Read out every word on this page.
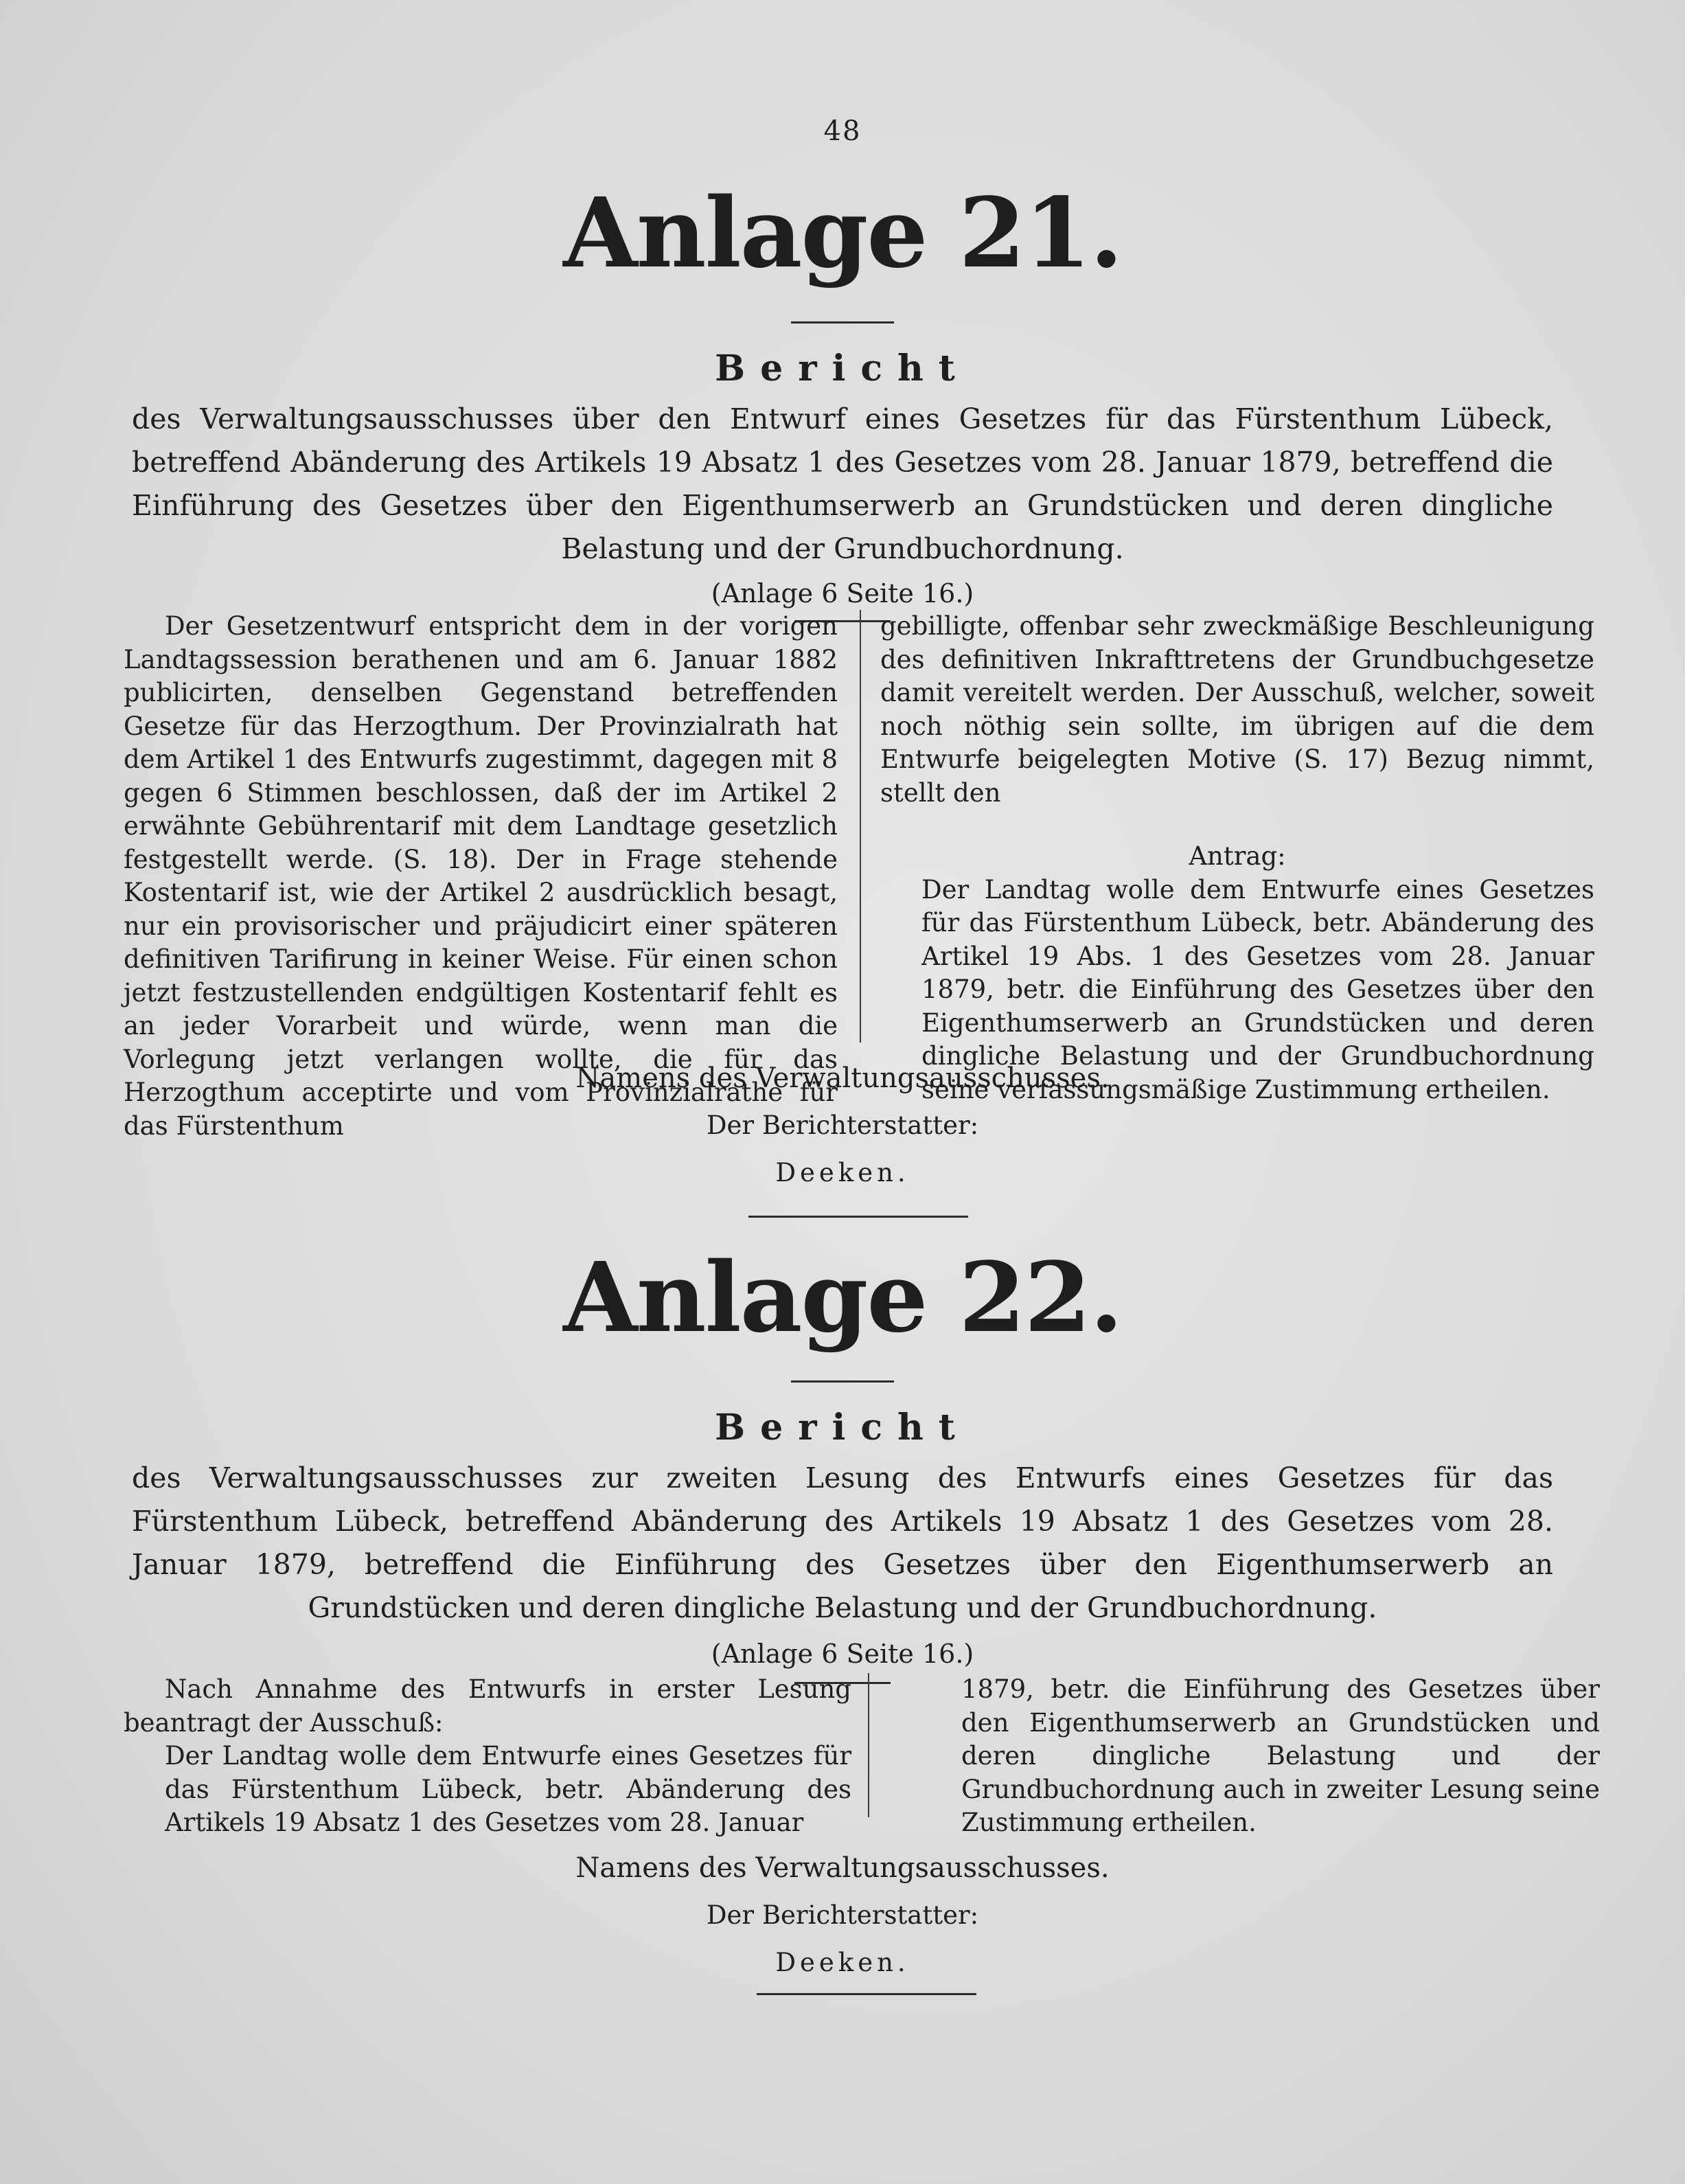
48
Anlage 21.
Bericht
des Verwaltungsausschusses über den Entwurf eines Gesetzes für das Fürstenthum Lübeck, betreffend Abänderung des Artikels 19 Absatz 1 des Gesetzes vom 28. Januar 1879, betreffend die Einführung des Gesetzes über den Eigenthumserwerb an Grundstücken und deren dingliche Belastung und der Grundbuchordnung.
(Anlage 6 Seite 16.)

Der Gesetzentwurf entspricht dem in der vorigen Landtagssession berathenen und am 6. Januar 1882 publicirten, denselben Gegenstand betreffenden Gesetze für das Herzogthum. Der Provinzialrath hat dem Artikel 1 des Entwurfs zugestimmt, dagegen mit 8 gegen 6 Stimmen beschlossen, daß der im Artikel 2 erwähnte Gebührentarif mit dem Landtage gesetzlich festgestellt werde. (S. 18). Der in Frage stehende Kostentarif ist, wie der Artikel 2 ausdrücklich besagt, nur ein provisorischer und präjudicirt einer späteren definitiven Tarifirung in keiner Weise. Für einen schon jetzt festzustellenden endgültigen Kostentarif fehlt es an jeder Vorarbeit und würde, wenn man die Vorlegung jetzt verlangen wollte, die für das Herzogthum acceptirte und vom Provinzialrathe für das Fürstenthum

gebilligte, offenbar sehr zweckmäßige Beschleunigung des definitiven Inkrafttretens der Grundbuchgesetze damit vereitelt werden. Der Ausschuß, welcher, soweit noch nöthig sein sollte, im übrigen auf die dem Entwurfe beigelegten Motive (S. 17) Bezug nimmt, stellt den

Antrag:

Der Landtag wolle dem Entwurfe eines Gesetzes für das Fürstenthum Lübeck, betr. Abänderung des Artikel 19 Abs. 1 des Gesetzes vom 28. Januar 1879, betr. die Einführung des Gesetzes über den Eigenthumserwerb an Grundstücken und deren dingliche Belastung und der Grundbuchordnung seine verfassungsmäßige Zustimmung ertheilen.

Namens des Verwaltungsausschusses.
Der Berichterstatter:
Deeken.
Anlage 22.
Bericht
des Verwaltungsausschusses zur zweiten Lesung des Entwurfs eines Gesetzes für das Fürstenthum Lübeck, betreffend Abänderung des Artikels 19 Absatz 1 des Gesetzes vom 28. Januar 1879, betreffend die Einführung des Gesetzes über den Eigenthumserwerb an Grundstücken und deren dingliche Belastung und der Grundbuchordnung.
(Anlage 6 Seite 16.)

Nach Annahme des Entwurfs in erster Lesung beantragt der Ausschuß:

Der Landtag wolle dem Entwurfe eines Gesetzes für das Fürstenthum Lübeck, betr. Abänderung des Artikels 19 Absatz 1 des Gesetzes vom 28. Januar

1879, betr. die Einführung des Gesetzes über den Eigenthumserwerb an Grundstücken und deren dingliche Belastung und der Grundbuchordnung auch in zweiter Lesung seine Zustimmung ertheilen.

Namens des Verwaltungsausschusses.
Der Berichterstatter:
Deeken.
